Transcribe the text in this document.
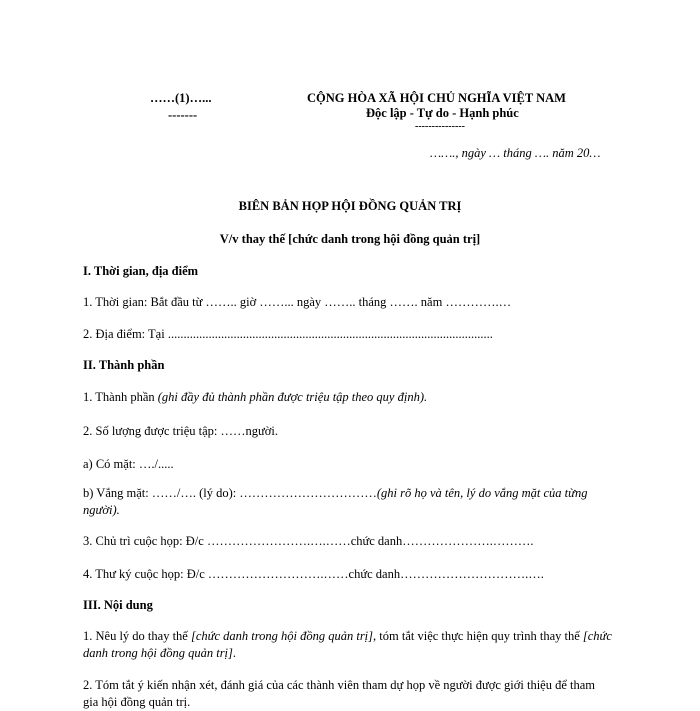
……(1)…...
-------
CỘNG HÒA XÃ HỘI CHỦ NGHĨA VIỆT NAM
Độc lập - Tự do - Hạnh phúc
---------------
……., ngày … tháng …. năm 20…
BIÊN BẢN HỌP HỘI ĐỒNG QUẢN TRỊ
V/v thay thế [chức danh trong hội đồng quản trị]
I. Thời gian, địa điểm
1. Thời gian: Bắt đầu từ …….. giờ ……... ngày …….. tháng ……. năm ………….…
2. Địa điểm: Tại ........................................................................................................
II. Thành phần
1. Thành phần (ghi đầy đủ thành phần được triệu tập theo quy định).
2. Số lượng được triệu tập: ……người.
a) Có mặt: …./.....
b) Vắng mặt: ……/…. (lý do): ……………………………(ghi rõ họ và tên, lý do vắng mặt của từng người).
3. Chủ trì cuộc họp: Đ/c …………………….….……chức danh………………….……….
4. Thư ký cuộc họp: Đ/c ……………………….……chức danh………………………….….
III. Nội dung
1. Nêu lý do thay thế [chức danh trong hội đồng quản trị], tóm tắt việc thực hiện quy trình thay thế [chức danh trong hội đồng quản trị].
2. Tóm tắt ý kiến nhận xét, đánh giá của các thành viên tham dự họp về người được giới thiệu để tham gia hội đồng quản trị.
